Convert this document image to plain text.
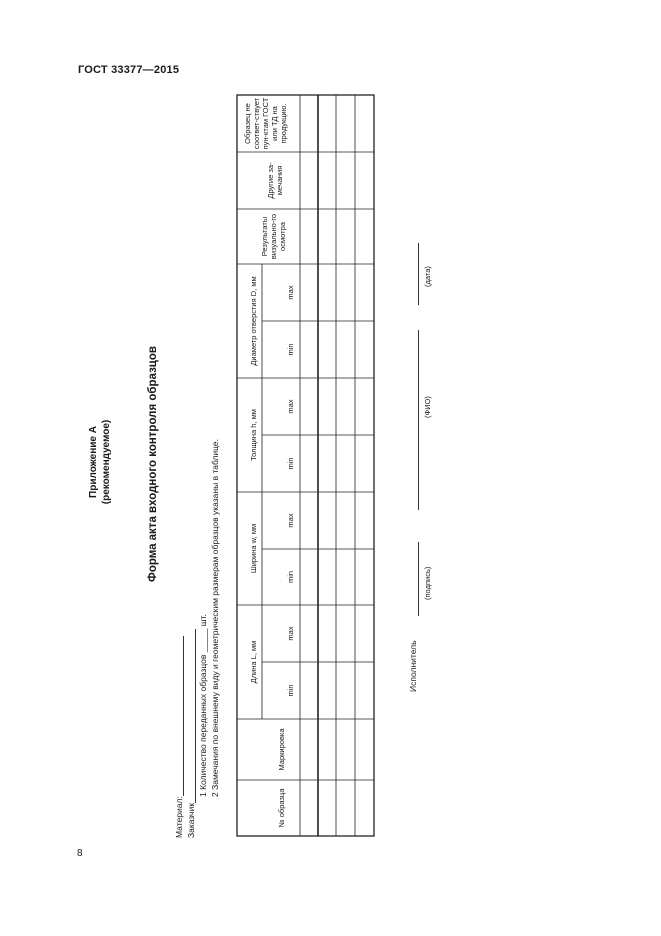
ГОСТ 33377—2015
8
Приложение А (рекомендуемое)	Форма акта входного контроля образцов
Материал: Заказчик
1 Количество переданных образцов _____ шт. 2 Замечания по внешнему виду и геометрическим размерам образцов указаны в таблице.
№ образца
Маркировка
Длина L, мм
Ширина w, мм
Толщина h, мм
Диаметр отверстия D, мм
min
max
min
max
min
max
min
max
Результаты визуально-го осмотра
Другие за-мечания
Образец не соответ-ствует пун-ктам ГОСТ или ТД на продукцию.
Исполнитель
(подпись)
(ФИО)
(дата)
